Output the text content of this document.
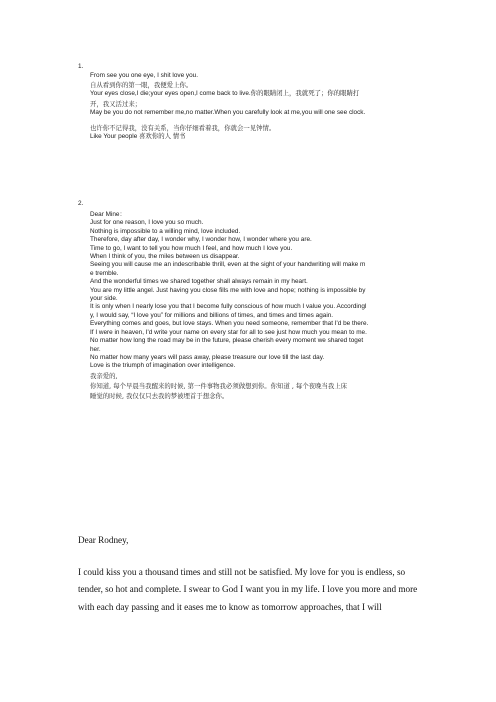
1.
From see you one eye, I shit love you.
自从看到你的第一眼，我便爱上你。
Your eyes close,I die;your eyes open,I come back to live.你的眼睛闭上，我就死了；你的眼睛打
开，我又活过来；
May be you do not remember me,no matter.When you carefully look at me,you will one see clock.
也许你不记得我，没有关系，当你仔细看着我，你就会一见钟情。
Like Your people 喜欢你的人 情书
2.
Dear Mine：
Just for one reason, I love you so much.
Nothing is impossible to a willing mind, love included.
Therefore, day after day, I wonder why, I wonder how, I wonder where you are.
Time to go, I want to tell you how much I feel, and how much I love you.
When I think of you, the miles between us disappear.
Seeing you will cause me an indescribable thrill, even at the sight of your handwriting will make m
e tremble.
And the wonderful times we shared together shall always remain in my heart.
You are my little angel. Just having you close fills me with love and hope; nothing is impossible by
your side.
It is only when I nearly lose you that I become fully conscious of how much I value you. Accordingl
y, I would say, “I love you” for millions and billions of times, and times and times again.
Everything comes and goes, but love stays. When you need someone, remember that I'd be there.
If I were in heaven, I'd write your name on every star for all to see just how much you mean to me.
No matter how long the road may be in the future, please cherish every moment we shared toget
her.
No matter how many years will pass away, please treasure our love till the last day.
Love is the triumph of imagination over intelligence.
我亲爱的,
你知道, 每个早晨当我醒来的时候, 第一件事物我必须做想到你。你知道 , 每个夜晚当我上床
睡觉的时候, 我仅仅只去我的梦被埋首于想念你。

Dear Rodney,

I could kiss you a thousand times and still not be satisfied. My love for you is endless, so tender, so hot and complete. I swear to God I want you in my life. I love you more and more with each day passing and it eases me to know as tomorrow approaches, that I will
